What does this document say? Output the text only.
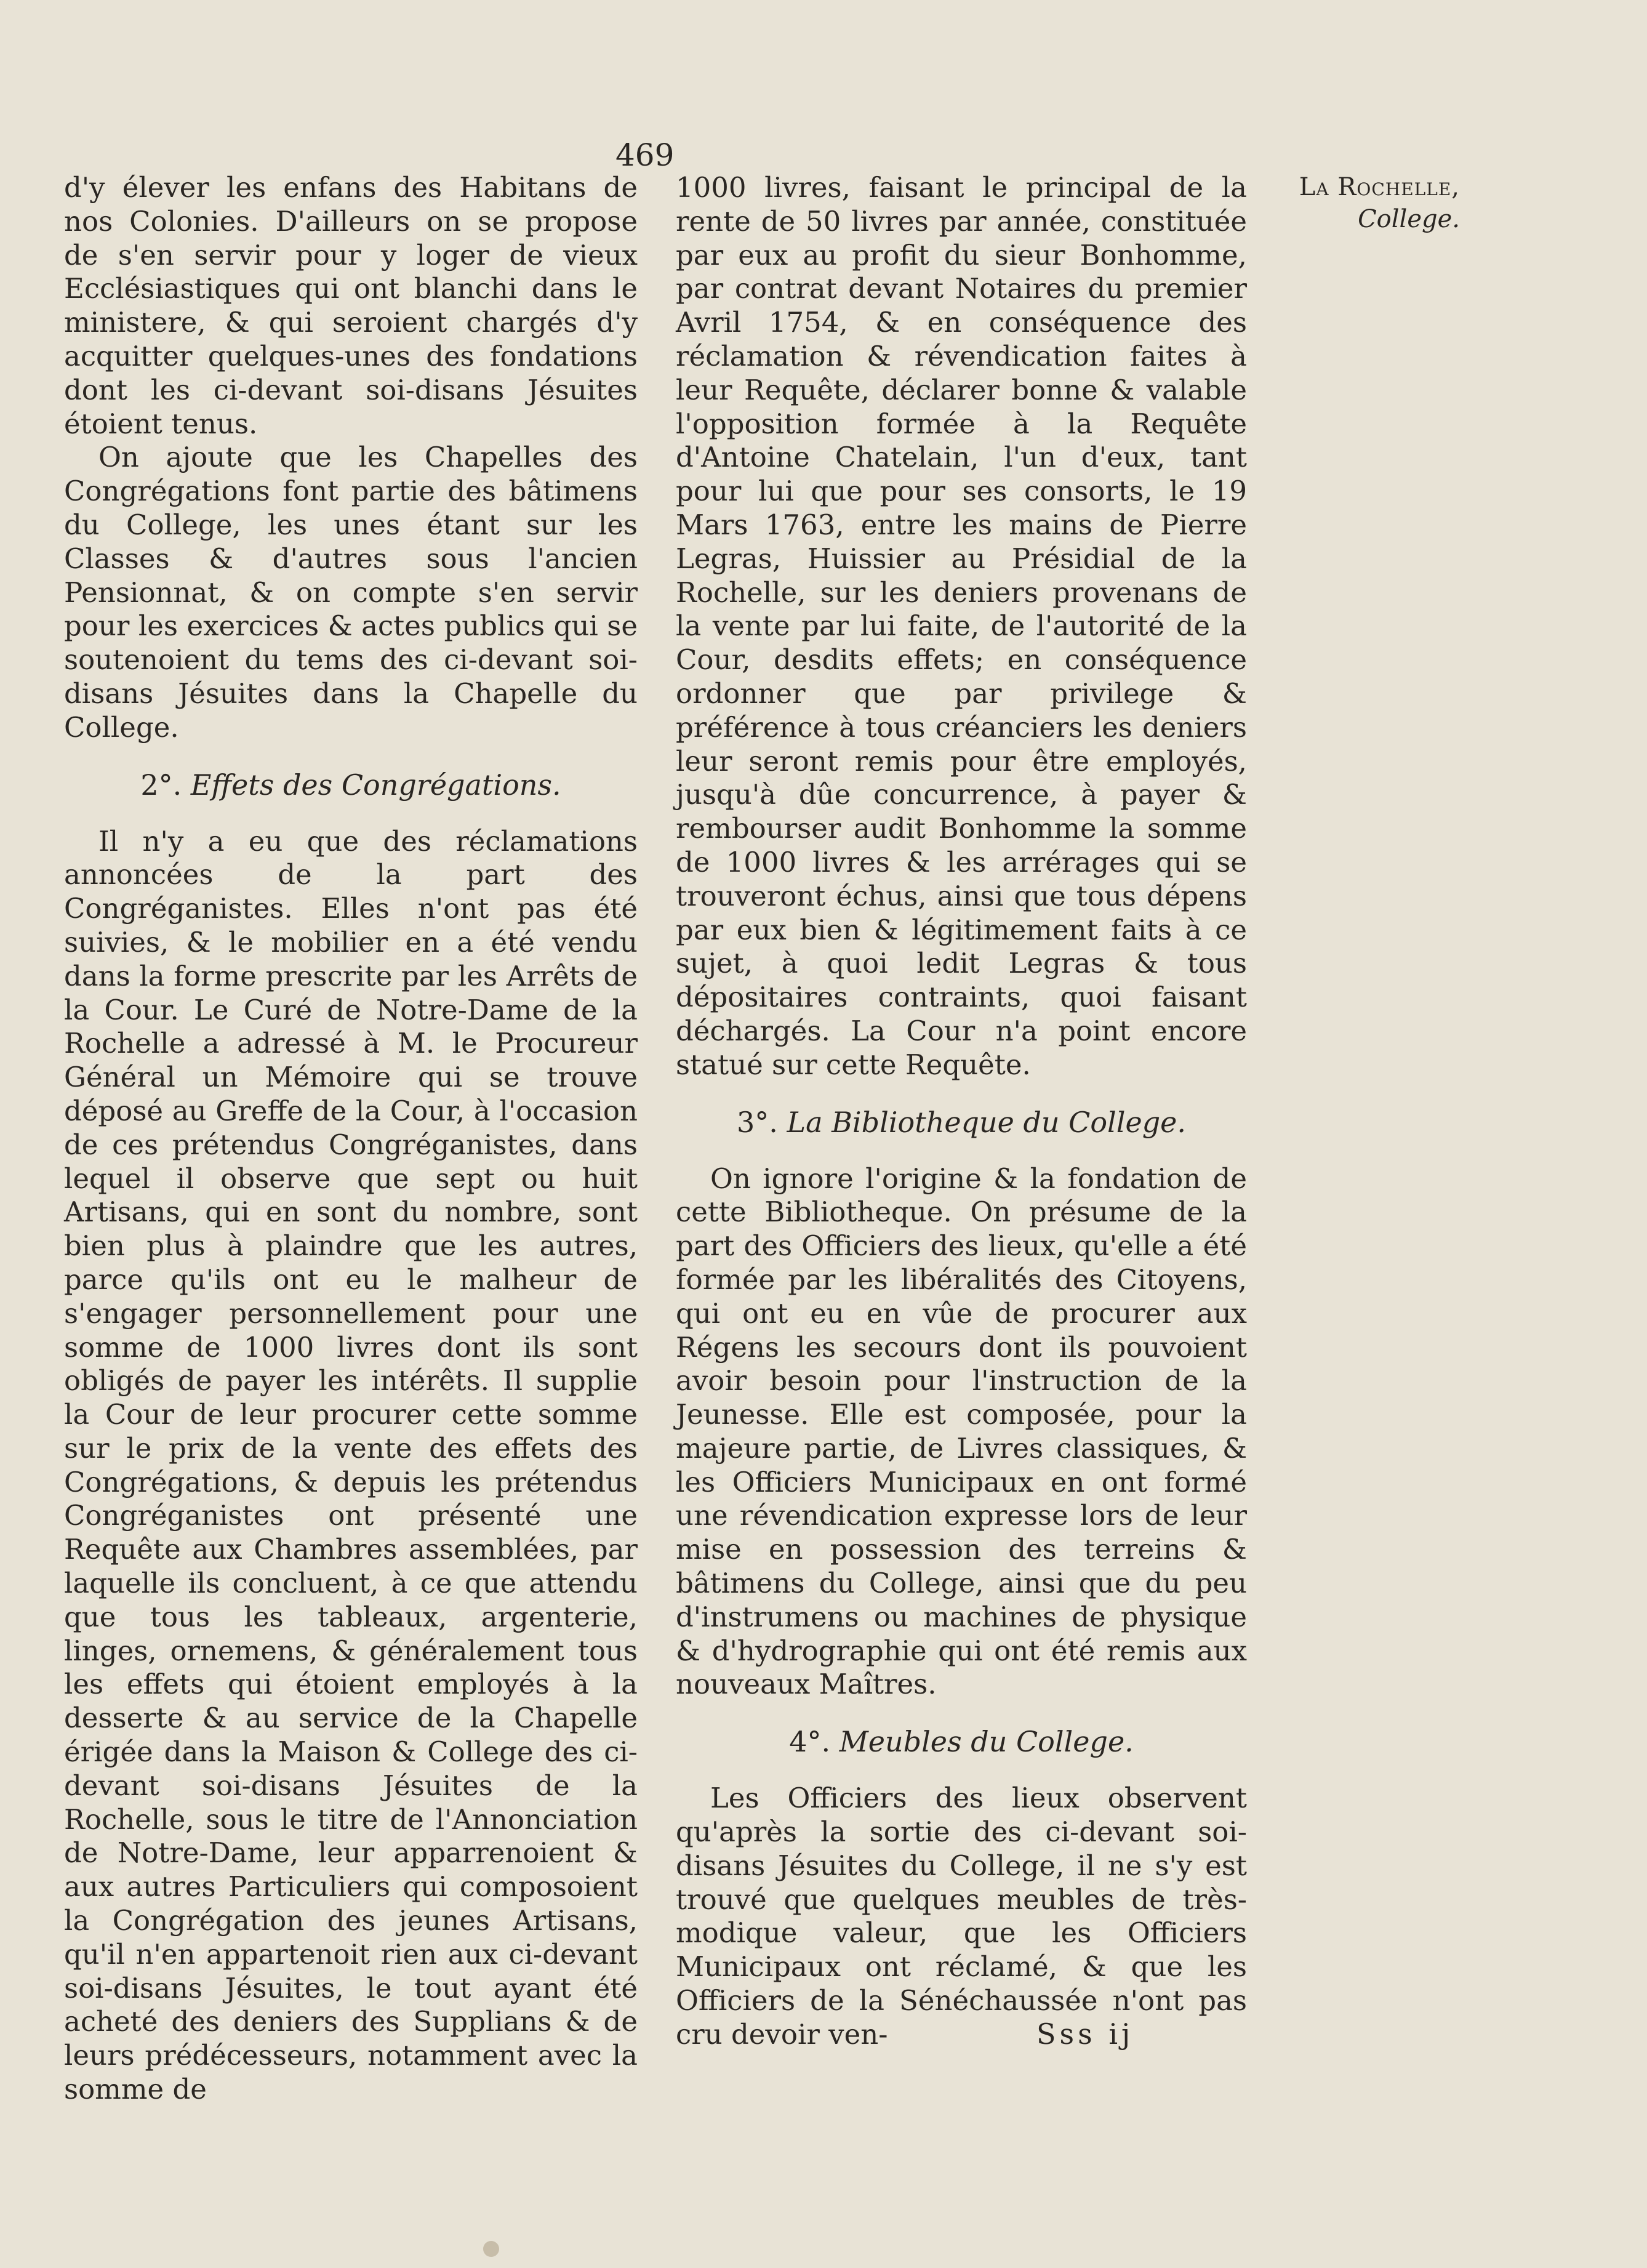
469

d'y élever les enfans des Habitans de nos Colonies. D'ailleurs on se propose de s'en servir pour y loger de vieux Ecclésiastiques qui ont blanchi dans le ministere, & qui seroient chargés d'y acquitter quelques-unes des fondations dont les ci-devant soi-disans Jésuites étoient tenus.

On ajoute que les Chapelles des Congrégations font partie des bâtimens du College, les unes étant sur les Classes & d'autres sous l'ancien Pensionnat, & on compte s'en servir pour les exercices & actes publics qui se soutenoient du tems des ci-devant soi-disans Jésuites dans la Chapelle du College.

2°. Effets des Congrégations.

Il n'y a eu que des réclamations annoncées de la part des Congréganistes. Elles n'ont pas été suivies, & le mobilier en a été vendu dans la forme prescrite par les Arrêts de la Cour. Le Curé de Notre-Dame de la Rochelle a adressé à M. le Procureur Général un Mémoire qui se trouve déposé au Greffe de la Cour, à l'occasion de ces prétendus Congréganistes, dans lequel il observe que sept ou huit Artisans, qui en sont du nombre, sont bien plus à plaindre que les autres, parce qu'ils ont eu le malheur de s'engager personnellement pour une somme de 1000 livres dont ils sont obligés de payer les intérêts. Il supplie la Cour de leur procurer cette somme sur le prix de la vente des effets des Congrégations, & depuis les prétendus Congréganistes ont présenté une Requête aux Chambres assemblées, par laquelle ils concluent, à ce que attendu que tous les tableaux, argenterie, linges, ornemens, & généralement tous les effets qui étoient employés à la desserte & au service de la Chapelle érigée dans la Maison & College des ci-devant soi-disans Jésuites de la Rochelle, sous le titre de l'Annonciation de Notre-Dame, leur apparrenoient & aux autres Particuliers qui composoient la Congrégation des jeunes Artisans, qu'il n'en appartenoit rien aux ci-devant soi-disans Jésuites, le tout ayant été acheté des deniers des Supplians & de leurs prédécesseurs, notamment avec la somme de

1000 livres, faisant le principal de la rente de 50 livres par année, constituée par eux au profit du sieur Bonhomme, par contrat devant Notaires du premier Avril 1754, & en conséquence des réclamation & révendication faites à leur Requête, déclarer bonne & valable l'opposition formée à la Requête d'Antoine Chatelain, l'un d'eux, tant pour lui que pour ses consorts, le 19 Mars 1763, entre les mains de Pierre Legras, Huissier au Présidial de la Rochelle, sur les deniers provenans de la vente par lui faite, de l'autorité de la Cour, desdits effets; en conséquence ordonner que par privilege & préférence à tous créanciers les deniers leur seront remis pour être employés, jusqu'à dûe concurrence, à payer & rembourser audit Bonhomme la somme de 1000 livres & les arrérages qui se trouveront échus, ainsi que tous dépens par eux bien & légitimement faits à ce sujet, à quoi ledit Legras & tous dépositaires contraints, quoi faisant déchargés. La Cour n'a point encore statué sur cette Requête.

3°. La Bibliotheque du College.

On ignore l'origine & la fondation de cette Bibliotheque. On présume de la part des Officiers des lieux, qu'elle a été formée par les libéralités des Citoyens, qui ont eu en vûe de procurer aux Régens les secours dont ils pouvoient avoir besoin pour l'instruction de la Jeunesse. Elle est composée, pour la majeure partie, de Livres classiques, & les Officiers Municipaux en ont formé une révendication expresse lors de leur mise en possession des terreins & bâtimens du College, ainsi que du peu d'instrumens ou machines de physique & d'hydrographie qui ont été remis aux nouveaux Maîtres.

4°. Meubles du College.

Les Officiers des lieux observent qu'après la sortie des ci-devant soi-disans Jésuites du College, il ne s'y est trouvé que quelques meubles de très-modique valeur, que les Officiers Municipaux ont réclamé, & que les Officiers de la Sénéchaussée n'ont pas cru devoir ven-

La Rochelle,
College.
Sss ij
